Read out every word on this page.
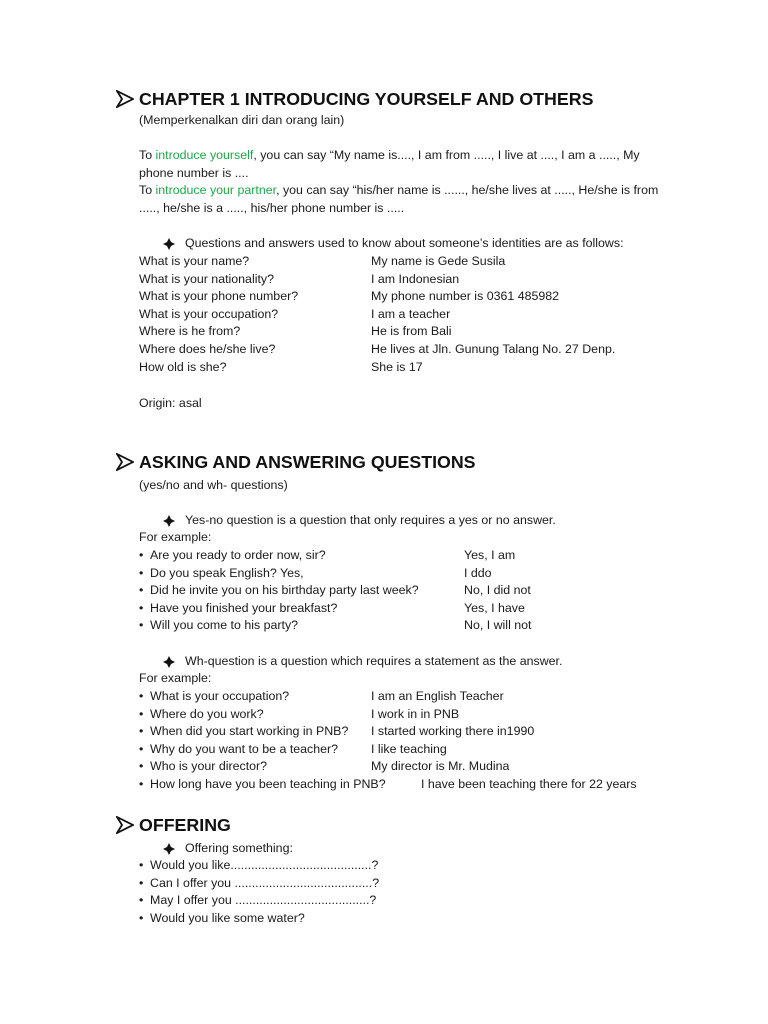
CHAPTER 1 INTRODUCING YOURSELF AND OTHERS

(Memperkenalkan diri dan orang lain)

To introduce yourself, you can say “My name is...., I am from ....., I live at ...., I am a ....., My phone number is ....

To introduce your partner, you can say “his/her name is ......, he/she lives at ....., He/she is from ....., he/she is a ....., his/her phone number is .....

Questions and answers used to know about someone’s identities are as follows:

What is your name?	My name is Gede Susila
What is your nationality?	I am Indonesian
What is your phone number?	My phone number is 0361 485982
What is your occupation?	I am a teacher
Where is he from?	He is from Bali
Where does he/she live?	He lives at Jln. Gunung Talang No. 27 Denp.
How old is she?	She is 17

Origin: asal

ASKING AND ANSWERING QUESTIONS

(yes/no and wh- questions)

Yes-no question is a question that only requires a yes or no answer.

For example:

• Are you ready to order now, sir?	Yes, I am
• Do you speak English? Yes,	I ddo
• Did he invite you on his birthday party last week?	No, I did not
• Have you finished your breakfast?	Yes, I have
• Will you come to his party?	No, I will not

Wh-question is a question which requires a statement as the answer.

For example:

• What is your occupation?	I am an English Teacher
• Where do you work?	I work in in PNB
• When did you start working in PNB? I started working there in1990
• Why do you want to be a teacher?	I like teaching
• Who is your director?	My director is Mr. Mudina
• How long have you been teaching in PNB?	I have been teaching there for 22 years
OFFERING

Offering something:

• Would you like.........................................?
• Can I offer you ........................................?
• May I offer you .......................................?
• Would you like some water?
